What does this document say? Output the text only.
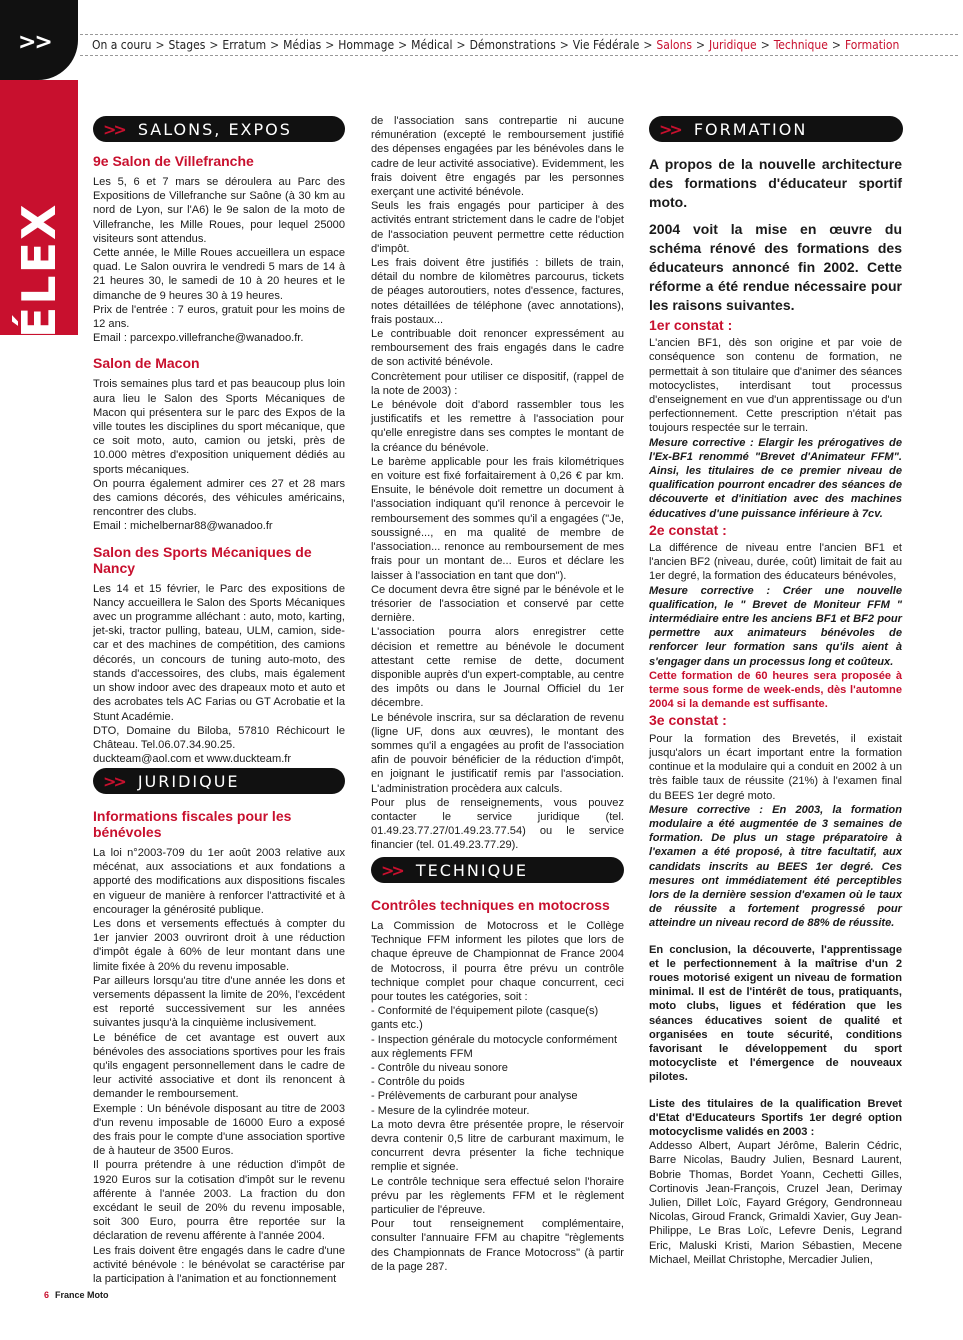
>>
TÉLEX
On a couru > Stages > Erratum > Médias > Hommage > Médical > Démonstrations > Vie Fédérale > Salons > Juridique > Technique > Formation
>> SALONS, EXPOS
9e Salon de Villefranche

Les 5, 6 et 7 mars se déroulera au Parc des Expositions de Villefranche sur Saône (à 30 km au nord de Lyon, sur l'A6) le 9e salon de la moto de Villefranche, les Mille Roues, pour lequel 25000 visiteurs sont attendus.

Cette année, le Mille Roues accueillera un espace quad. Le Salon ouvrira le vendredi 5 mars de 14 à 21 heures 30, le samedi de 10 à 20 heures et le dimanche de 9 heures 30 à 19 heures.

Prix de l'entrée : 7 euros, gratuit pour les moins de 12 ans.

Email : parcexpo.villefranche@wanadoo.fr.

Salon de Macon

Trois semaines plus tard et pas beaucoup plus loin aura lieu le Salon des Sports Mécaniques de Macon qui présentera sur le parc des Expos de la ville toutes les disciplines du sport mécanique, que ce soit moto, auto, camion ou jetski, près de 10.000 mètres d'exposition uniquement dédiés au sports mécaniques.

On pourra également admirer ces 27 et 28 mars des camions décorés, des véhicules américains, rencontrer des clubs.

Email : michelbernar88@wanadoo.fr

Salon des Sports Mécaniques de Nancy

Les 14 et 15 février, le Parc des expositions de Nancy accueillera le Salon des Sports Mécaniques avec un programme alléchant : auto, moto, karting, jet-ski, tractor pulling, bateau, ULM, camion, side-car et des machines de compétition, des camions décorés, un concours de tuning auto-moto, des stands d'accessoires, des clubs, mais également un show indoor avec des drapeaux moto et auto et des acrobates tels AC Farias ou GT Acrobatie et la Stunt Académie.

DTO, Domaine du Biloba, 57810 Réchicourt le Château. Tel.06.07.34.90.25.

duckteam@aol.com et www.duckteam.fr

>> JURIDIQUE
Informations fiscales pour les bénévoles

La loi n°2003-709 du 1er août 2003 relative aux mécénat, aux associations et aux fondations a apporté des modifications aux dispositions fiscales en vigueur de manière à renforcer l'attractivité et à encourager la générosité publique.

Les dons et versements effectués à compter du 1er janvier 2003 ouvriront droit à une réduction d'impôt égale à 60% de leur montant dans une limite fixée à 20% du revenu imposable.

Par ailleurs lorsqu'au titre d'une année les dons et versements dépassent la limite de 20%, l'excédent est reporté successivement sur les années suivantes jusqu'à la cinquième inclusivement.

Le bénéfice de cet avantage est ouvert aux bénévoles des associations sportives pour les frais qu'ils engagent personnellement dans le cadre de leur activité associative et dont ils renoncent à demander le remboursement.

Exemple : Un bénévole disposant au titre de 2003 d'un revenu imposable de 16000 Euro a exposé des frais pour le compte d'une association sportive de à hauteur de 3500 Euros.

Il pourra prétendre à une réduction d'impôt de 1920 Euros sur la cotisation d'impôt sur le revenu afférente à l'année 2003. La fraction du don excédant le seuil de 20% du revenu imposable, soit 300 Euro, pourra être reportée sur la déclaration de revenu afférente à l'année 2004.

Les frais doivent être engagés dans le cadre d'une activité bénévole : le bénévolat se caractérise par la participation à l'animation et au fonctionnement

de l'association sans contrepartie ni aucune rémunération (excepté le remboursement justifié des dépenses engagées par les bénévoles dans le cadre de leur activité associative). Evidemment, les frais doivent être engagés par les personnes exerçant une activité bénévole.

Seuls les frais engagés pour participer à des activités entrant strictement dans le cadre de l'objet de l'association peuvent permettre cette réduction d'impôt.

Les frais doivent être justifiés : billets de train, détail du nombre de kilomètres parcourus, tickets de péages autoroutiers, notes d'essence, factures, notes détaillées de téléphone (avec annotations), frais postaux...

Le contribuable doit renoncer expressément au remboursement des frais engagés dans le cadre de son activité bénévole.

Concrètement pour utiliser ce dispositif, (rappel de la note de 2003) :

Le bénévole doit d'abord rassembler tous les justificatifs et les remettre à l'association pour qu'elle enregistre dans ses comptes le montant de la créance du bénévole.

Le barème applicable pour les frais kilométriques en voiture est fixé forfaitairement à 0,26 € par km. Ensuite, le bénévole doit remettre un document à l'association indiquant qu'il renonce à percevoir le remboursement des sommes qu'il a engagées ("Je, soussigné..., en ma qualité de membre de l'association... renonce au remboursement de mes frais pour un montant de... Euros et déclare les laisser à l'association en tant que don").

Ce document devra être signé par le bénévole et le trésorier de l'association et conservé par cette dernière.

L'association pourra alors enregistrer cette décision et remettre au bénévole le document attestant cette remise de dette, document disponible auprès d'un expert-comptable, au centre des impôts ou dans le Journal Officiel du 1er décembre.

Le bénévole inscrira, sur sa déclaration de revenu (ligne UF, dons aux œuvres), le montant des sommes qu'il a engagées au profit de l'association afin de pouvoir bénéficier de la réduction d'impôt, en joignant le justificatif remis par l'association. L'administration procèdera aux calculs.

Pour plus de renseignements, vous pouvez contacter le service juridique (tel. 01.49.23.77.27/01.49.23.77.54) ou le service financier (tel. 01.49.23.77.29).

>> TECHNIQUE
Contrôles techniques en motocross

La Commission de Motocross et le Collège Technique FFM informent les pilotes que lors de chaque épreuve de Championnat de France 2004 de Motocross, il pourra être prévu un contrôle technique complet pour chaque concurrent, ceci pour toutes les catégories, soit :

- Conformité de l'équipement pilote (casque(s) gants etc.)

- Inspection générale du motocycle conformément aux règlements FFM

- Contrôle du niveau sonore

- Contrôle du poids

- Prélèvements de carburant pour analyse

- Mesure de la cylindrée moteur.

La moto devra être présentée propre, le réservoir devra contenir 0,5 litre de carburant maximum, le concurrent devra présenter la fiche technique remplie et signée.

Le contrôle technique sera effectué selon l'horaire prévu par les règlements FFM et le règlement particulier de l'épreuve.

Pour tout renseignement complémentaire, consulter l'annuaire FFM au chapitre "règlements des Championnats de France Motocross" (à partir de la page 287.

>> FORMATION

A propos de la nouvelle architecture des formations d'éducateur sportif moto.

2004 voit la mise en œuvre du schéma rénové des formations des éducateurs annoncé fin 2002. Cette réforme a été rendue nécessaire pour les raisons suivantes.

1er constat :

L'ancien BF1, dès son origine et par voie de conséquence son contenu de formation, ne permettait à son titulaire que d'animer des séances motocyclistes, interdisant tout processus d'enseignement en vue d'un apprentissage ou d'un perfectionnement. Cette prescription n'était pas toujours respectée sur le terrain.

Mesure corrective : Elargir les prérogatives de l'Ex-BF1 renommé "Brevet d'Animateur FFM". Ainsi, les titulaires de ce premier niveau de qualification pourront encadrer des séances de découverte et d'initiation avec des machines éducatives d'une puissance inférieure à 7cv.

2e constat :

La différence de niveau entre l'ancien BF1 et l'ancien BF2 (niveau, durée, coût) limitait de fait au 1er degré, la formation des éducateurs bénévoles,

Mesure corrective : Créer une nouvelle qualification, le " Brevet de Moniteur FFM " intermédiaire entre les anciens BF1 et BF2 pour permettre aux animateurs bénévoles de renforcer leur formation sans qu'ils aient à s'engager dans un processus long et coûteux.

Cette formation de 60 heures sera proposée à terme sous forme de week-ends, dès l'automne 2004 si la demande est suffisante.

3e constat :

Pour la formation des Brevetés, il existait jusqu'alors un écart important entre la formation continue et la modulaire qui a conduit en 2002 à un très faible taux de réussite (21%) à l'examen final du BEES 1er degré moto.

Mesure corrective : En 2003, la formation modulaire a été augmentée de 3 semaines de formation. De plus un stage préparatoire à l'examen a été proposé, à titre facultatif, aux candidats inscrits au BEES 1er degré. Ces mesures ont immédiatement été perceptibles lors de la dernière session d'examen où le taux de réussite a fortement progressé pour atteindre un niveau record de 88% de réussite.

En conclusion, la découverte, l'apprentissage et le perfectionnement à la maîtrise d'un 2 roues motorisé exigent un niveau de formation minimal. Il est de l'intérêt de tous, pratiquants, moto clubs, ligues et fédération que les séances éducatives soient de qualité et organisées en toute sécurité, conditions favorisant le développement du sport motocycliste et l'émergence de nouveaux pilotes.

Liste des titulaires de la qualification Brevet d'Etat d'Educateurs Sportifs 1er degré option motocyclisme validés en 2003 :

Addesso Albert, Aupart Jérôme, Balerin Cédric, Barre Nicolas, Baudry Julien, Besnard Laurent, Bobrie Thomas, Bordet Yoann, Cechetti Gilles, Cortinovis Jean-François, Cruzel Jean, Derimay Julien, Dillet Loïc, Fayard Grégory, Gendronneau Nicolas, Giroud Franck, Grimaldi Xavier, Guy Jean-Philippe, Le Bras Loïc, Lefevre Denis, Legrand Eric, Maluski Kristi, Marion Sébastien, Mecene Michael, Meillat Christophe, Mercadier Julien,

6 France Moto
